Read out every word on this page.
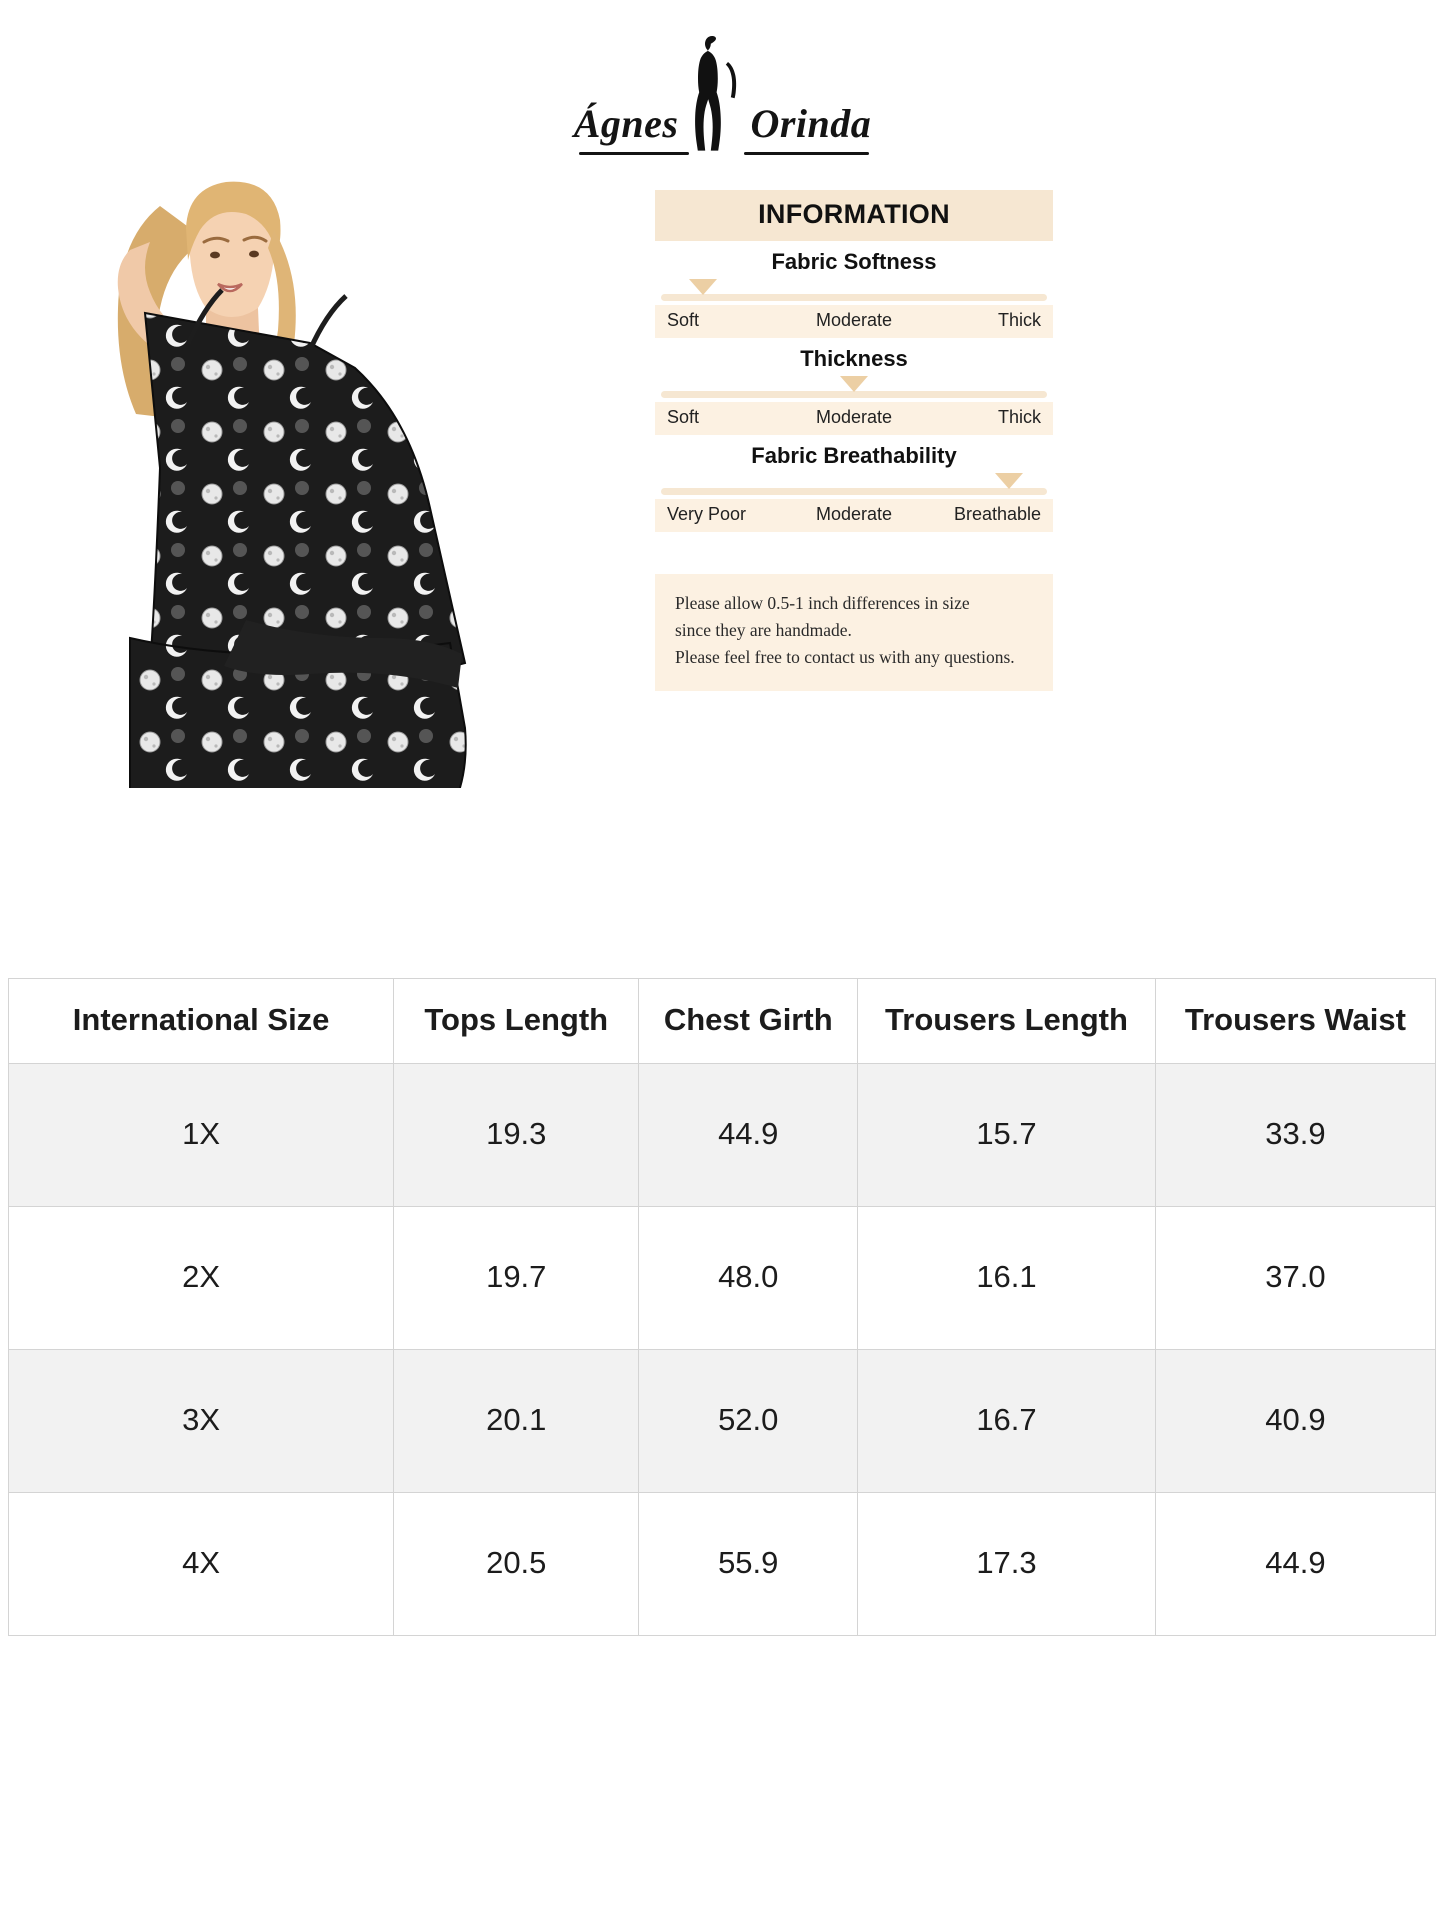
Ágnes Orinda
INFORMATION
Fabric Softness
Soft	Moderate	Thick
Thickness
Soft	Moderate	Thick
Fabric Breathability
Very Poor	Moderate	Breathable
Please allow 0.5-1 inch differences in size
since they are handmade.
Please feel free to contact us with any questions.
International Size	Tops Length	Chest Girth	Trousers Length	Trousers Waist
1X	19.3	44.9	15.7	33.9
2X	19.7	48.0	16.1	37.0
3X	20.1	52.0	16.7	40.9
4X	20.5	55.9	17.3	44.9
